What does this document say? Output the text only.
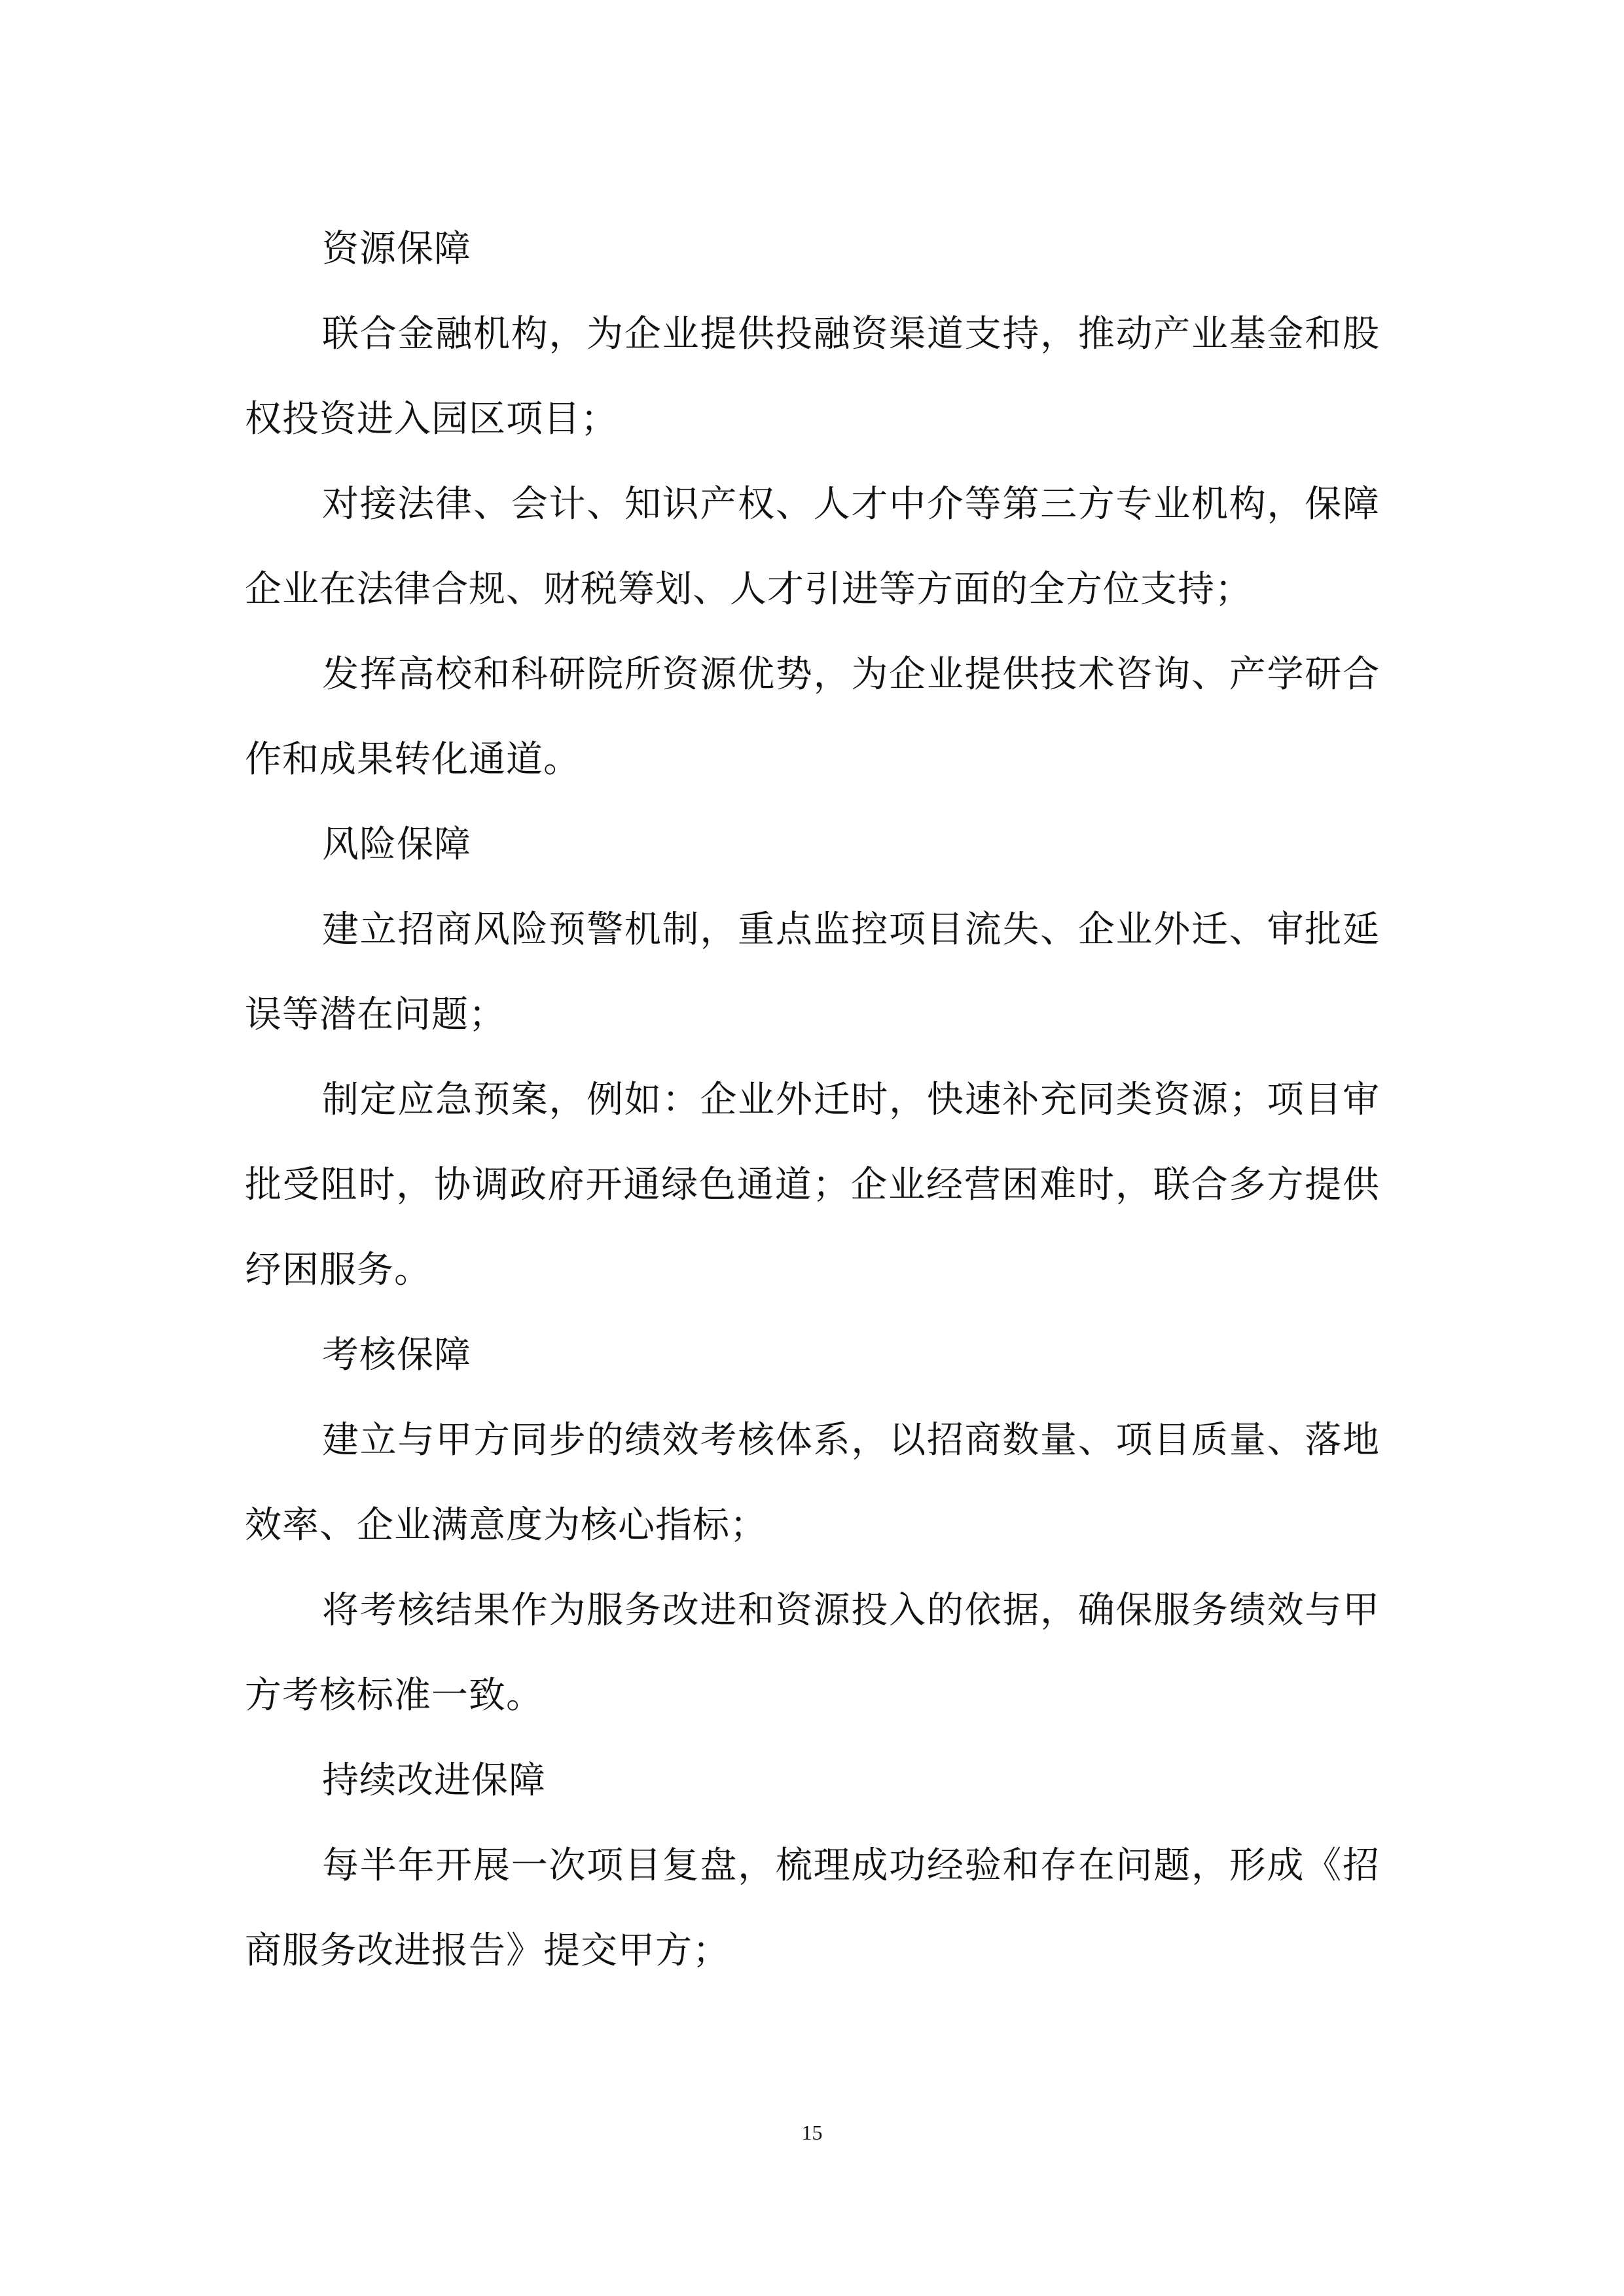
资源保障

联合金融机构，为企业提供投融资渠道支持，推动产业基金和股权投资进入园区项目；

对接法律、会计、知识产权、人才中介等第三方专业机构，保障企业在法律合规、财税筹划、人才引进等方面的全方位支持；

发挥高校和科研院所资源优势，为企业提供技术咨询、产学研合作和成果转化通道。

风险保障

建立招商风险预警机制，重点监控项目流失、企业外迁、审批延误等潜在问题；

制定应急预案，例如：企业外迁时，快速补充同类资源；项目审批受阻时，协调政府开通绿色通道；企业经营困难时，联合多方提供纾困服务。

考核保障

建立与甲方同步的绩效考核体系，以招商数量、项目质量、落地效率、企业满意度为核心指标；

将考核结果作为服务改进和资源投入的依据，确保服务绩效与甲方考核标准一致。

持续改进保障

每半年开展一次项目复盘，梳理成功经验和存在问题，形成《招商服务改进报告》提交甲方；

15
